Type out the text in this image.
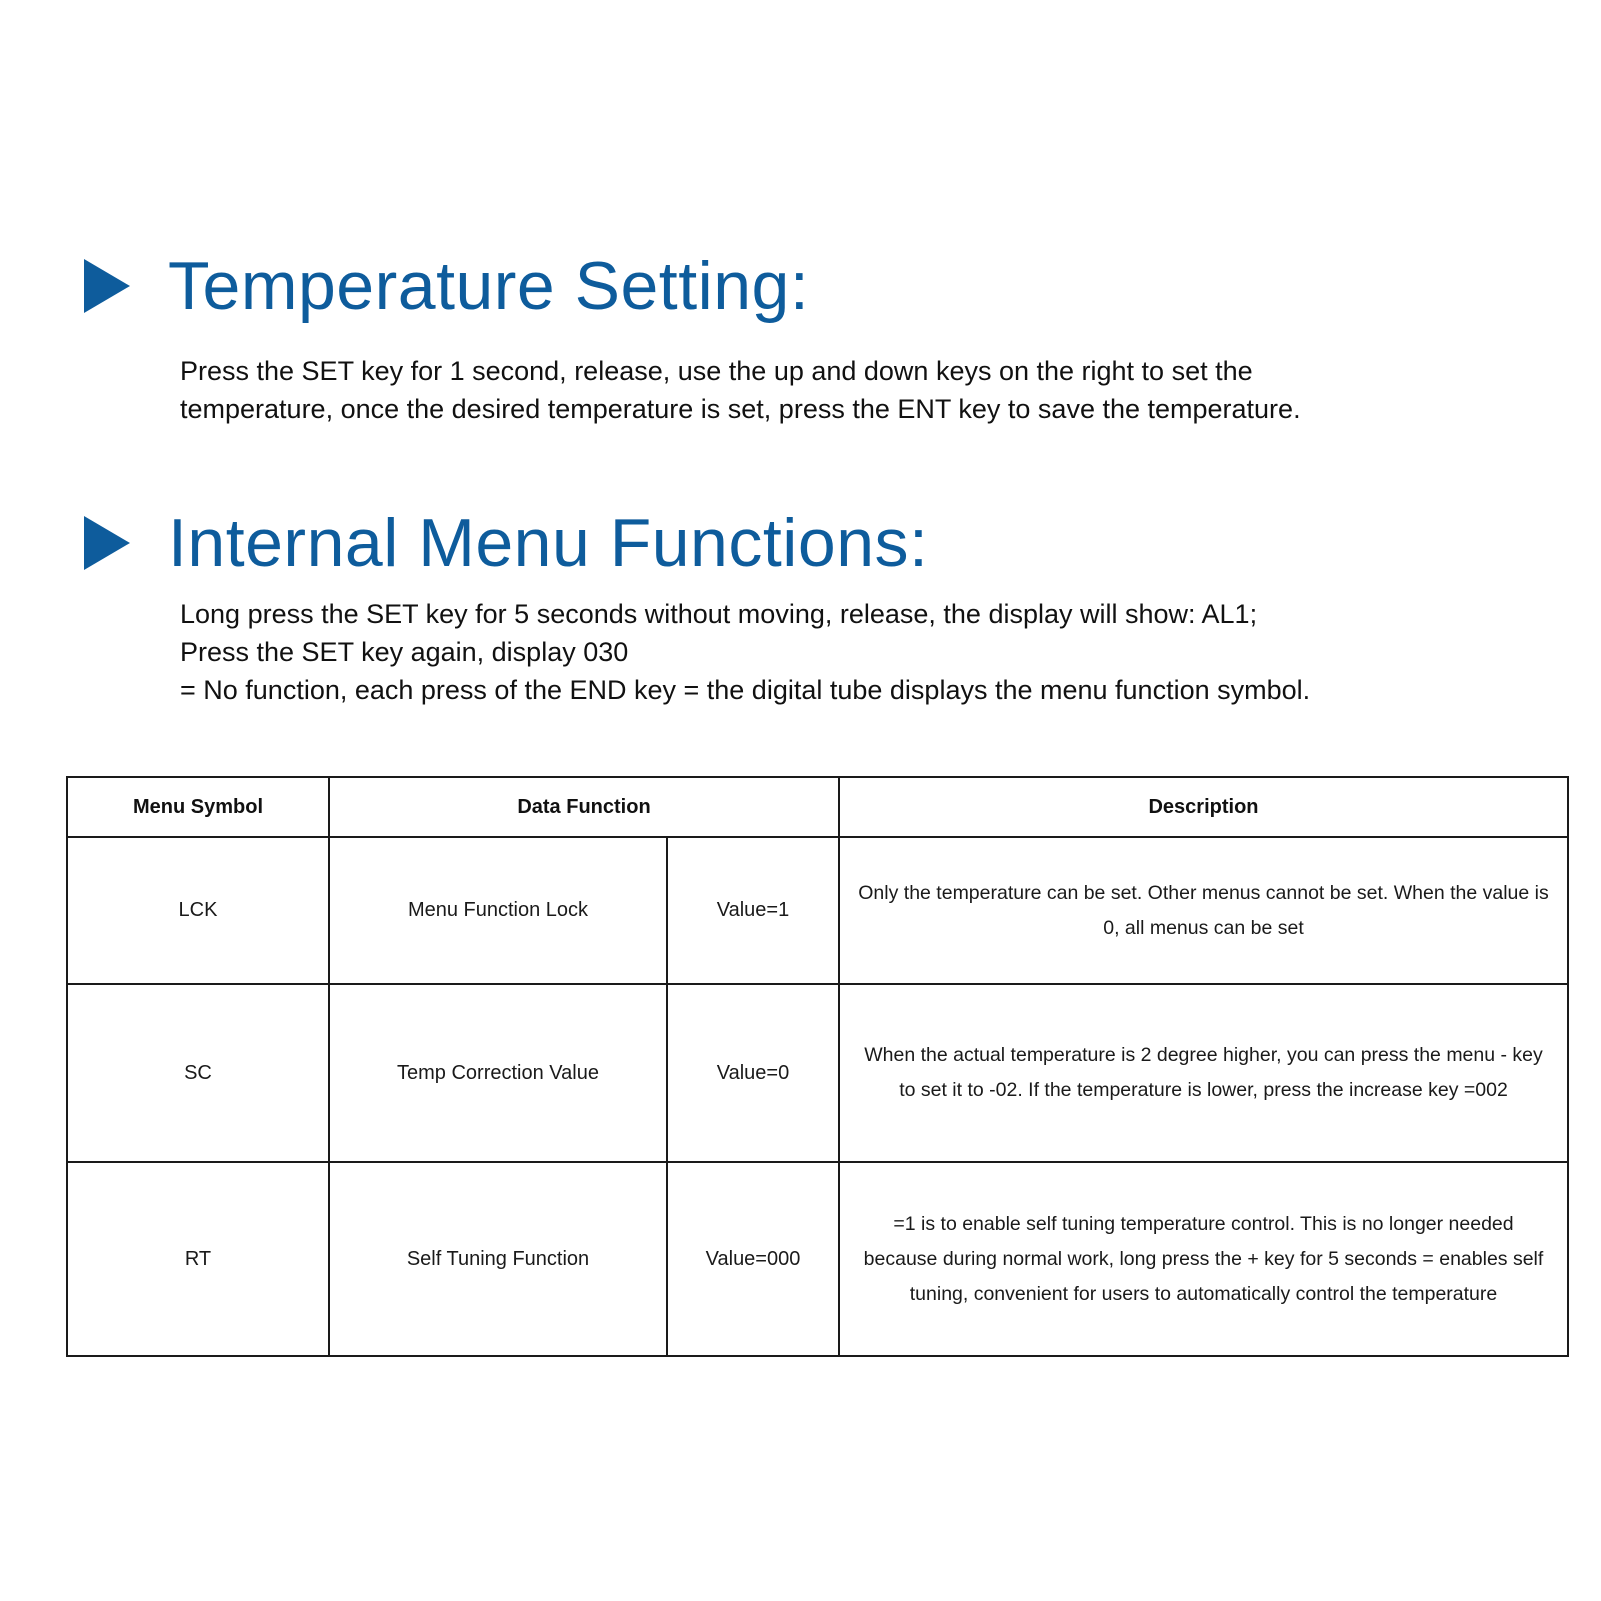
Temperature Setting:
Press the SET key for 1 second, release, use the up and down keys on the right to set the
temperature, once the desired temperature is set, press the ENT key to save the temperature.
Internal Menu Functions:
Long press the SET key for 5 seconds without moving, release, the display will show: AL1;
Press the SET key again, display 030
= No function, each press of the END key = the digital tube displays the menu function symbol.
Menu Symbol	Data Function		Description
LCK	Menu Function Lock	Value=1	Only the temperature can be set. Other menus cannot be set. When the value is 0, all menus can be set
SC	Temp Correction Value	Value=0	When the actual temperature is 2 degree higher, you can press the menu - key to set it to -02. If the temperature is lower, press the increase key =002
RT	Self Tuning Function	Value=000	=1 is to enable self tuning temperature control. This is no longer needed because during normal work, long press the + key for 5 seconds = enables self tuning, convenient for users to automatically control the temperature
